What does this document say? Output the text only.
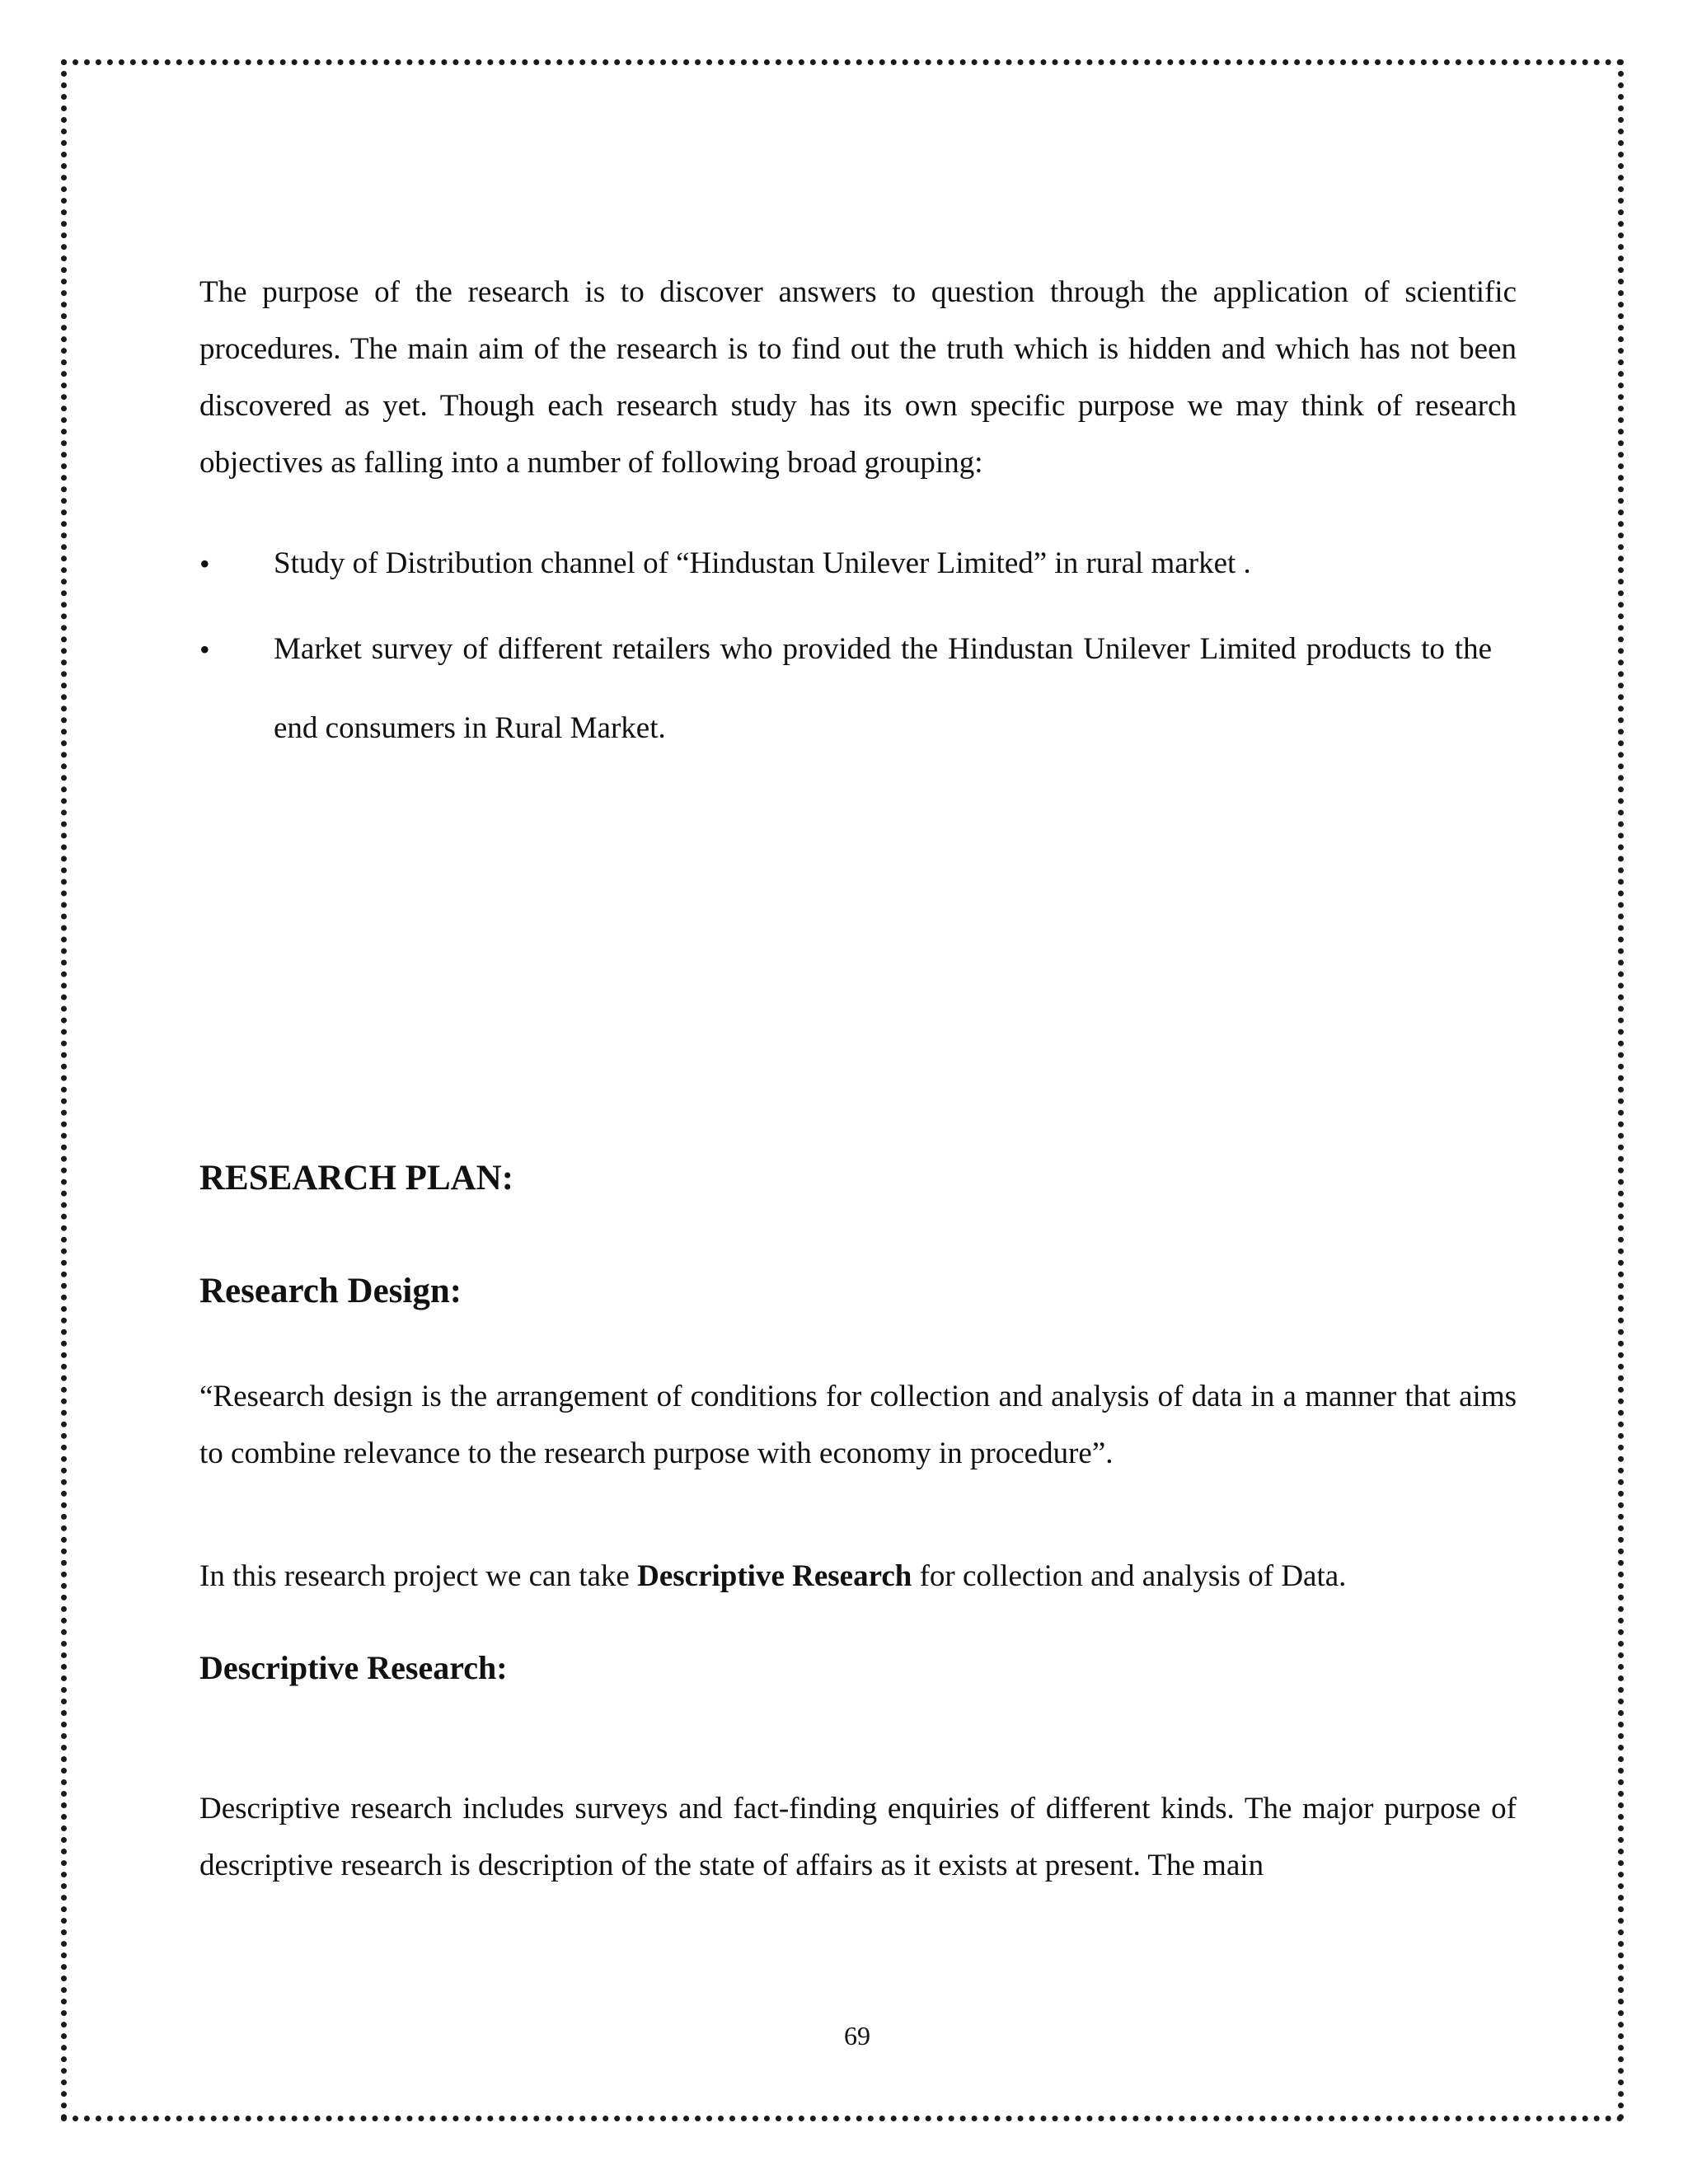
The purpose of the research is to discover answers to question through the application of scientific procedures. The main aim of the research is to find out the truth which is hidden and which has not been discovered as yet. Though each research study has its own specific purpose we may think of research objectives as falling into a number of following broad grouping:

• Study of Distribution channel of “Hindustan Unilever Limited” in rural market .
• Market survey of different retailers who provided the Hindustan Unilever Limited products to the end consumers in Rural Market.
RESEARCH PLAN:
Research Design:

“Research design is the arrangement of conditions for collection and analysis of data in a manner that aims to combine relevance to the research purpose with economy in procedure”.

In this research project we can take Descriptive Research for collection and analysis of Data.

Descriptive Research:

Descriptive research includes surveys and fact-finding enquiries of different kinds. The major purpose of descriptive research is description of the state of affairs as it exists at present. The main

69
